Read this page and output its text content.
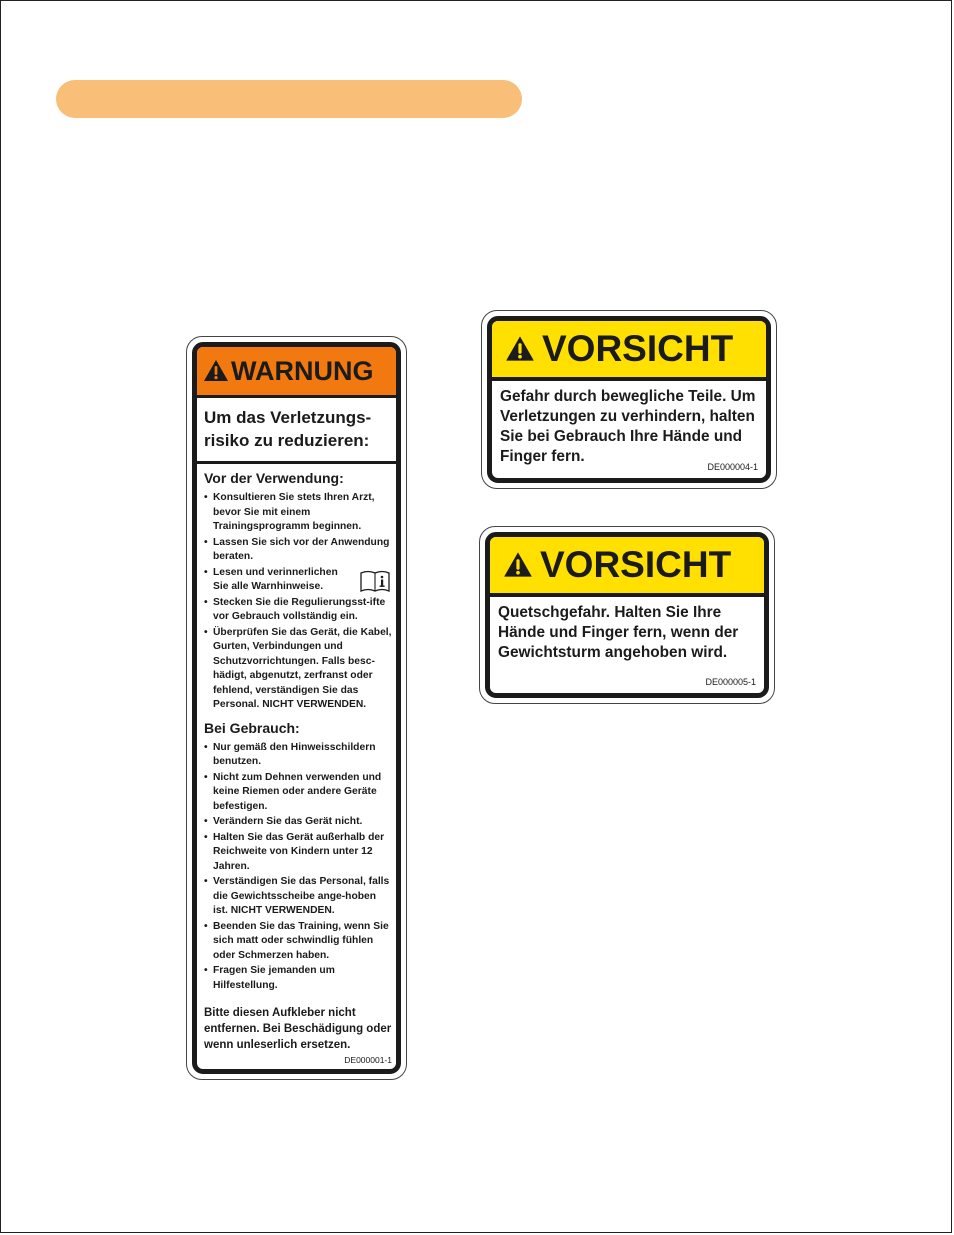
WARNUNG
Um das Verletzungs-risiko zu reduzieren:
Vor der Verwendung:
• Konsultieren Sie stets Ihren Arzt, bevor Sie mit einem Trainingsprogramm beginnen.
• Lassen Sie sich vor der Anwendung beraten.
• Lesen und verinnerlichen Sie alle Warnhinweise.
• Stecken Sie die Regulierungsst-ifte vor Gebrauch vollständig ein.
• Überprüfen Sie das Gerät, die Kabel, Gurten, Verbindungen und Schutzvorrichtungen. Falls besc-hädigt, abgenutzt, zerfranst oder fehlend, verständigen Sie das Personal. NICHT VERWENDEN.
Bei Gebrauch:
• Nur gemäß den Hinweisschildern benutzen.
• Nicht zum Dehnen verwenden und keine Riemen oder andere Geräte befestigen.
• Verändern Sie das Gerät nicht.
• Halten Sie das Gerät außerhalb der Reichweite von Kindern unter 12 Jahren.
• Verständigen Sie das Personal, falls die Gewichtsscheibe ange-hoben ist. NICHT VERWENDEN.
• Beenden Sie das Training, wenn Sie sich matt oder schwindlig fühlen oder Schmerzen haben.
• Fragen Sie jemanden um Hilfestellung.
Bitte diesen Aufkleber nicht entfernen. Bei Beschädigung oder wenn unleserlich ersetzen.
DE000001-1
VORSICHT
Gefahr durch bewegliche Teile. Um Verletzungen zu verhindern, halten Sie bei Gebrauch Ihre Hände und Finger fern.
DE000004-1
VORSICHT
Quetschgefahr. Halten Sie Ihre Hände und Finger fern, wenn der Gewichtsturm angehoben wird.
DE000005-1
